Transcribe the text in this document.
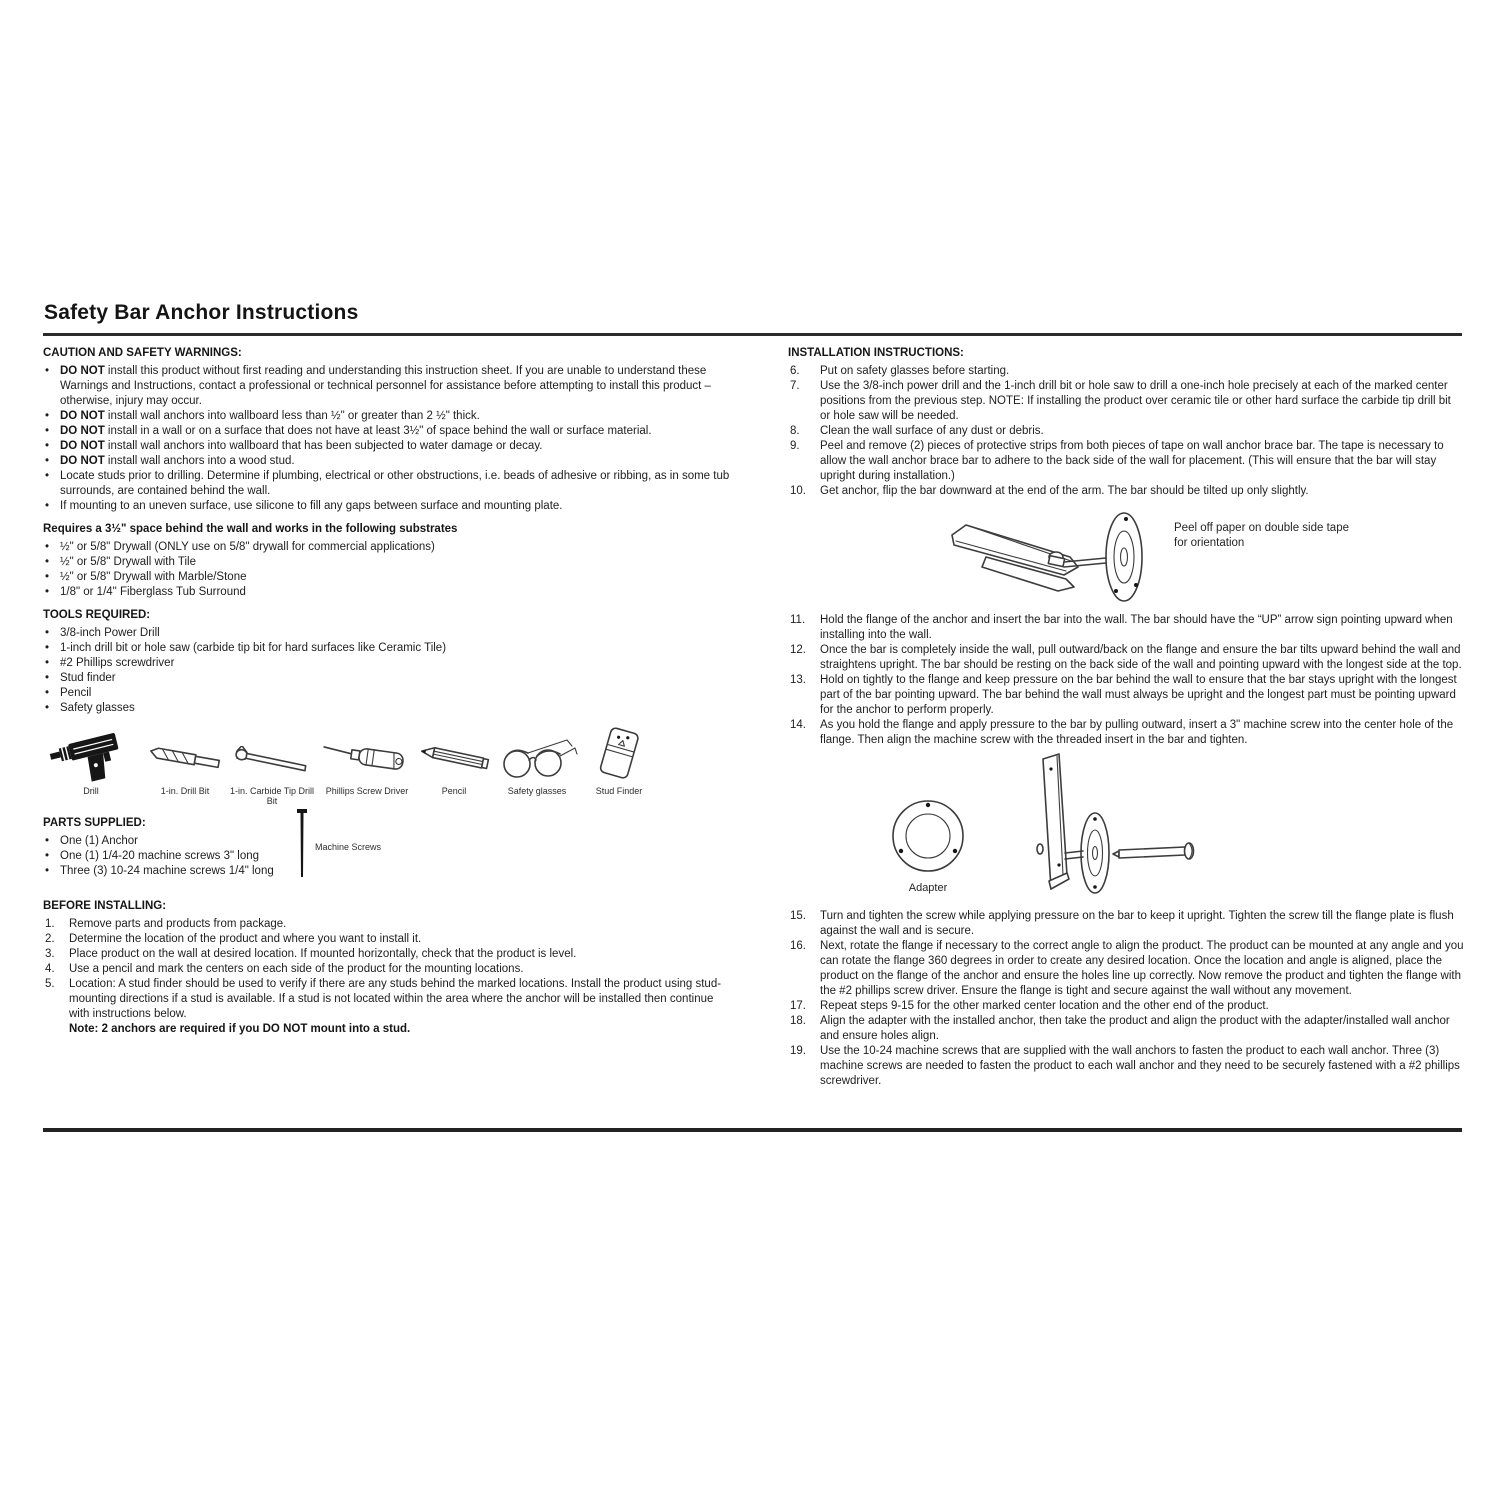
Safety Bar Anchor Instructions
CAUTION AND SAFETY WARNINGS:
• DO NOT install this product without first reading and understanding this instruction sheet. If you are unable to understand these Warnings and Instructions, contact a professional or technical personnel for assistance before attempting to install this product – otherwise, injury may occur.
• DO NOT install wall anchors into wallboard less than ½" or greater than 2 ½" thick.
• DO NOT install in a wall or on a surface that does not have at least 3½" of space behind the wall or surface material.
• DO NOT install wall anchors into wallboard that has been subjected to water damage or decay.
• DO NOT install wall anchors into a wood stud.
• Locate studs prior to drilling. Determine if plumbing, electrical or other obstructions, i.e. beads of adhesive or ribbing, as in some tub surrounds, are contained behind the wall.
• If mounting to an uneven surface, use silicone to fill any gaps between surface and mounting plate.
Requires a 3½" space behind the wall and works in the following substrates
• ½" or 5/8" Drywall (ONLY use on 5/8" drywall for commercial applications)
• ½" or 5/8" Drywall with Tile
• ½" or 5/8" Drywall with Marble/Stone
• 1/8" or 1/4" Fiberglass Tub Surround
TOOLS REQUIRED:
• 3/8-inch Power Drill
• 1-inch drill bit or hole saw (carbide tip bit for hard surfaces like Ceramic Tile)
• #2 Phillips screwdriver
• Stud finder
• Pencil
• Safety glasses
Drill	1-in. Drill Bit	1-in. Carbide Tip Drill Bit
Phillips Screw Driver	Pencil	Safety glasses	Stud Finder
PARTS SUPPLIED:
• One (1) Anchor
• One (1) 1/4-20 machine screws 3" long
• Three (3) 10-24 machine screws 1/4" long
Machine Screws
BEFORE INSTALLING:
1.	Remove parts and products from package.
2.	Determine the location of the product and where you want to install it.
3.	Place product on the wall at desired location. If mounted horizontally, check that the product is level.
4.	Use a pencil and mark the centers on each side of the product for the mounting locations.
5.	Location: A stud finder should be used to verify if there are any studs behind the marked locations. Install the product using stud-mounting directions if a stud is available. If a stud is not located within the area where the anchor will be installed then continue with instructions below.
Note: 2 anchors are required if you DO NOT mount into a stud.
INSTALLATION INSTRUCTIONS:
6.	Put on safety glasses before starting.
7.	Use the 3/8-inch power drill and the 1-inch drill bit or hole saw to drill a one-inch hole precisely at each of the marked center positions from the previous step. NOTE: If installing the product over ceramic tile or other hard surface the carbide tip drill bit or hole saw will be needed.
8.	Clean the wall surface of any dust or debris.
9.	Peel and remove (2) pieces of protective strips from both pieces of tape on wall anchor brace bar. The tape is necessary to allow the wall anchor brace bar to adhere to the back side of the wall for placement. (This will ensure that the bar will stay upright during installation.)
10.	Get anchor, flip the bar downward at the end of the arm. The bar should be tilted up only slightly.
Peel off paper on double side tape for orientation
11.	Hold the flange of the anchor and insert the bar into the wall. The bar should have the “UP” arrow sign pointing upward when installing into the wall.
12.	Once the bar is completely inside the wall, pull outward/back on the flange and ensure the bar tilts upward behind the wall and straightens upright. The bar should be resting on the back side of the wall and pointing upward with the longest side at the top.
13.	Hold on tightly to the flange and keep pressure on the bar behind the wall to ensure that the bar stays upright with the longest part of the bar pointing upward. The bar behind the wall must always be upright and the longest part must be pointing upward for the anchor to perform properly.
14.	As you hold the flange and apply pressure to the bar by pulling outward, insert a 3" machine screw into the center hole of the flange. Then align the machine screw with the threaded insert in the bar and tighten.
Adapter
15.	Turn and tighten the screw while applying pressure on the bar to keep it upright. Tighten the screw till the flange plate is flush against the wall and is secure.
16.	Next, rotate the flange if necessary to the correct angle to align the product. The product can be mounted at any angle and you can rotate the flange 360 degrees in order to create any desired location. Once the location and angle is aligned, place the product on the flange of the anchor and ensure the holes line up correctly. Now remove the product and tighten the flange with the #2 phillips screw driver. Ensure the flange is tight and secure against the wall without any movement.
17.	Repeat steps 9-15 for the other marked center location and the other end of the product.
18.	Align the adapter with the installed anchor, then take the product and align the product with the adapter/installed wall anchor and ensure holes align.
19.	Use the 10-24 machine screws that are supplied with the wall anchors to fasten the product to each wall anchor. Three (3) machine screws are needed to fasten the product to each wall anchor and they need to be securely fastened with a #2 phillips screwdriver.
